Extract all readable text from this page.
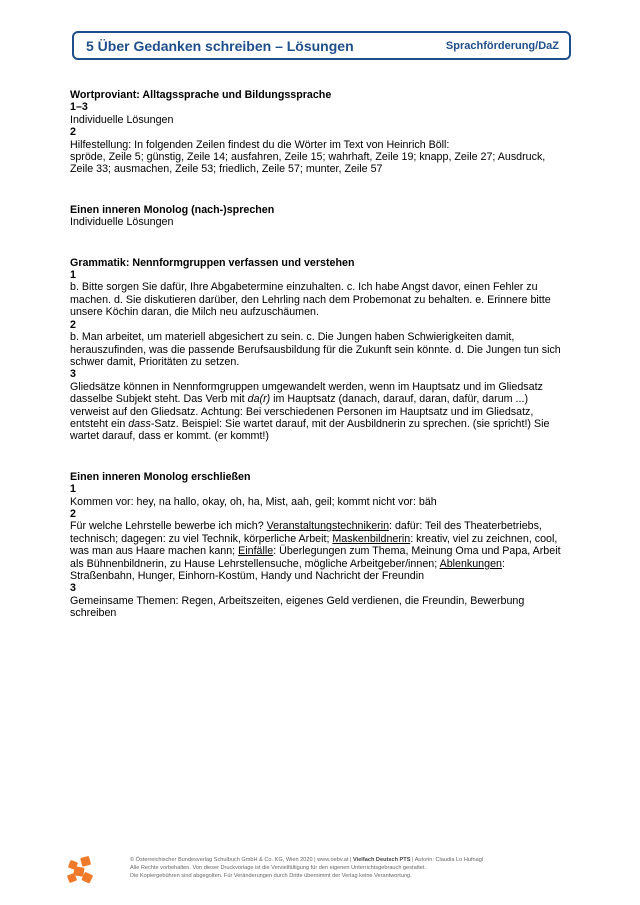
5 Über Gedanken schreiben – Lösungen	Sprachförderung/DaZ
Wortproviant: Alltagssprache und Bildungssprache
1–3
Individuelle Lösungen
2
Hilfestellung: In folgenden Zeilen findest du die Wörter im Text von Heinrich Böll:
spröde, Zeile 5; günstig, Zeile 14; ausfahren, Zeile 15; wahrhaft, Zeile 19; knapp, Zeile 27; Ausdruck, Zeile 33; ausmachen, Zeile 53; friedlich, Zeile 57; munter, Zeile 57
Einen inneren Monolog (nach-)sprechen
Individuelle Lösungen
Grammatik: Nennformgruppen verfassen und verstehen
1
b. Bitte sorgen Sie dafür, Ihre Abgabetermine einzuhalten. c. Ich habe Angst davor, einen Fehler zu machen. d. Sie diskutieren darüber, den Lehrling nach dem Probemonat zu behalten. e. Erinnere bitte unsere Köchin daran, die Milch neu aufzuschäumen.
2
b. Man arbeitet, um materiell abgesichert zu sein. c. Die Jungen haben Schwierigkeiten damit, herauszufinden, was die passende Berufsausbildung für die Zukunft sein könnte. d. Die Jungen tun sich schwer damit, Prioritäten zu setzen.
3
Gliedsätze können in Nennformgruppen umgewandelt werden, wenn im Hauptsatz und im Gliedsatz dasselbe Subjekt steht. Das Verb mit da(r) im Hauptsatz (danach, darauf, daran, dafür, darum ...) verweist auf den Gliedsatz. Achtung: Bei verschiedenen Personen im Hauptsatz und im Gliedsatz, entsteht ein dass-Satz. Beispiel: Sie wartet darauf, mit der Ausbildnerin zu sprechen. (sie spricht!) Sie wartet darauf, dass er kommt. (er kommt!)
Einen inneren Monolog erschließen
1
Kommen vor: hey, na hallo, okay, oh, ha, Mist, aah, geil; kommt nicht vor: bäh
2
Für welche Lehrstelle bewerbe ich mich? Veranstaltungstechnikerin: dafür: Teil des Theaterbetriebs, technisch; dagegen: zu viel Technik, körperliche Arbeit; Maskenbildnerin: kreativ, viel zu zeichnen, cool, was man aus Haare machen kann; Einfälle: Überlegungen zum Thema, Meinung Oma und Papa, Arbeit als Bühnenbildnerin, zu Hause Lehrstellensuche, mögliche Arbeitgeber/innen; Ablenkungen: Straßenbahn, Hunger, Einhorn-Kostüm, Handy und Nachricht der Freundin
3
Gemeinsame Themen: Regen, Arbeitszeiten, eigenes Geld verdienen, die Freundin, Bewerbung schreiben
© Österreichischer Bundesverlag Schulbuch GmbH & Co. KG, Wien 2020 | www.oebv.at | Vielfach Deutsch PTS | Autorin: Claudia Lo Hufnagl
Alle Rechte vorbehalten. Von dieser Druckvorlage ist die Vervielfältigung für den eigenen Unterrichtsgebrauch gestattet.
Die Kopiergebühren sind abgegolten. Für Veränderungen durch Dritte übernimmt der Verlag keine Verantwortung.
